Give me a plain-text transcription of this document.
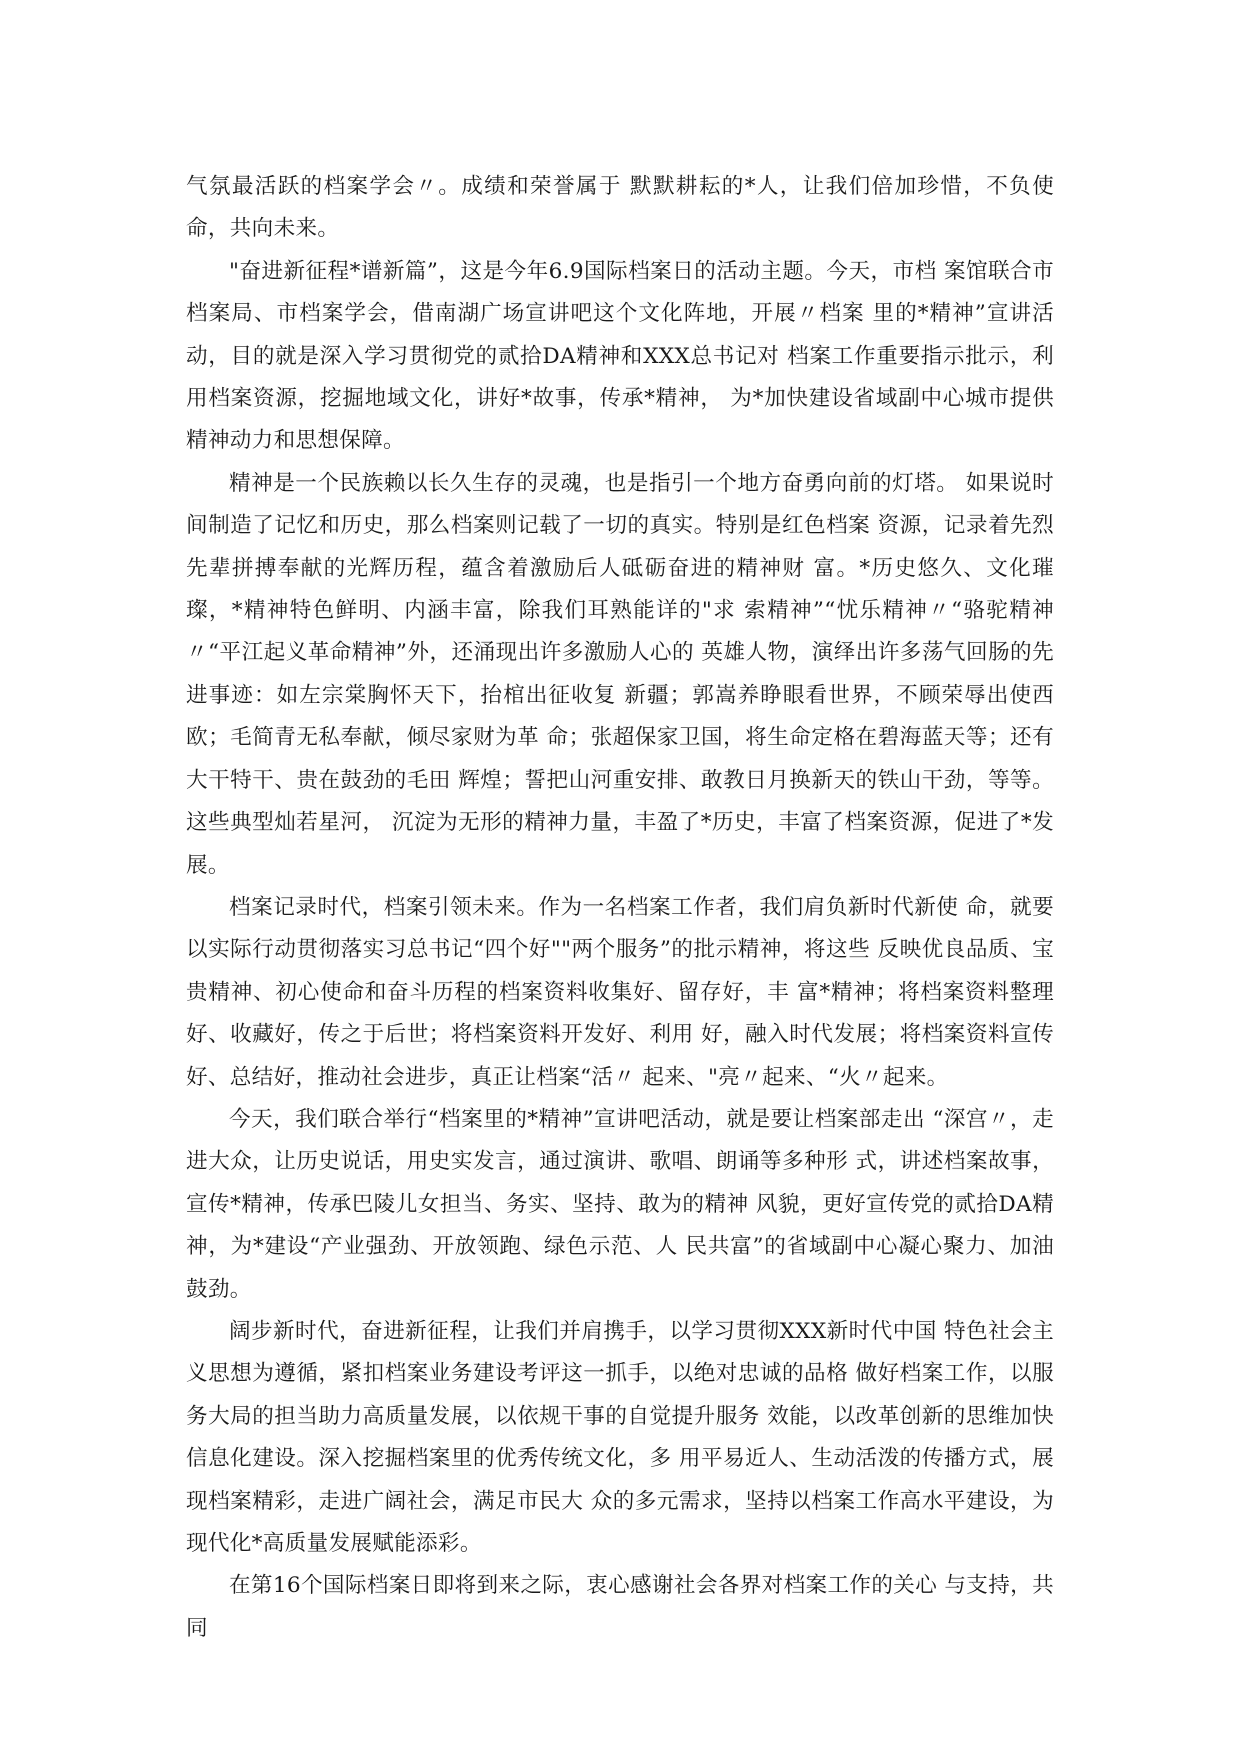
气氛最活跃的档案学会〃。成绩和荣誉属于 默默耕耘的*人，让我们倍加珍惜，不负使命，共向未来。

"奋进新征程*谱新篇”，这是今年6.9国际档案日的活动主题。今天，市档 案馆联合市档案局、市档案学会，借南湖广场宣讲吧这个文化阵地，开展〃档案 里的*精神”宣讲活动，目的就是深入学习贯彻党的贰拾DA精神和XXX总书记对 档案工作重要指示批示，利用档案资源，挖掘地域文化，讲好*故事，传承*精神， 为*加快建设省域副中心城市提供精神动力和思想保障。

精神是一个民族赖以长久生存的灵魂，也是指引一个地方奋勇向前的灯塔。 如果说时间制造了记忆和历史，那么档案则记载了一切的真实。特别是红色档案 资源，记录着先烈先辈拼搏奉献的光辉历程，蕴含着激励后人砥砺奋进的精神财 富。*历史悠久、文化璀璨，*精神特色鲜明、内涵丰富，除我们耳熟能详的"求 索精神”“忧乐精神〃“骆驼精神〃“平江起义革命精神”外，还涌现出许多激励人心的 英雄人物，演绎出许多荡气回肠的先进事迹：如左宗棠胸怀天下，抬棺出征收复 新疆；郭嵩养睁眼看世界，不顾荣辱出使西欧；毛简青无私奉献，倾尽家财为革 命；张超保家卫国，将生命定格在碧海蓝天等；还有大干特干、贵在鼓劲的毛田 辉煌；誓把山河重安排、敢教日月换新天的铁山干劲，等等。这些典型灿若星河， 沉淀为无形的精神力量，丰盈了*历史，丰富了档案资源，促进了*发展。

档案记录时代，档案引领未来。作为一名档案工作者，我们肩负新时代新使 命，就要以实际行动贯彻落实习总书记“四个好""两个服务”的批示精神，将这些 反映优良品质、宝贵精神、初心使命和奋斗历程的档案资料收集好、留存好，丰 富*精神；将档案资料整理好、收藏好，传之于后世；将档案资料开发好、利用 好，融入时代发展；将档案资料宣传好、总结好，推动社会进步，真正让档案“活〃 起来、"亮〃起来、“火〃起来。

今天，我们联合举行“档案里的*精神”宣讲吧活动，就是要让档案部走出 “深宫〃，走进大众，让历史说话，用史实发言，通过演讲、歌唱、朗诵等多种形 式，讲述档案故事，宣传*精神，传承巴陵儿女担当、务实、坚持、敢为的精神 风貌，更好宣传党的贰拾DA精神，为*建设“产业强劲、开放领跑、绿色示范、人 民共富”的省域副中心凝心聚力、加油鼓劲。

阔步新时代，奋进新征程，让我们并肩携手，以学习贯彻XXX新时代中国 特色社会主义思想为遵循，紧扣档案业务建设考评这一抓手，以绝对忠诚的品格 做好档案工作，以服务大局的担当助力高质量发展，以依规干事的自觉提升服务 效能，以改革创新的思维加快信息化建设。深入挖掘档案里的优秀传统文化，多 用平易近人、生动活泼的传播方式，展现档案精彩，走进广阔社会，满足市民大 众的多元需求，坚持以档案工作高水平建设，为现代化*高质量发展赋能添彩。

在第16个国际档案日即将到来之际，衷心感谢社会各界对档案工作的关心 与支持，共同
